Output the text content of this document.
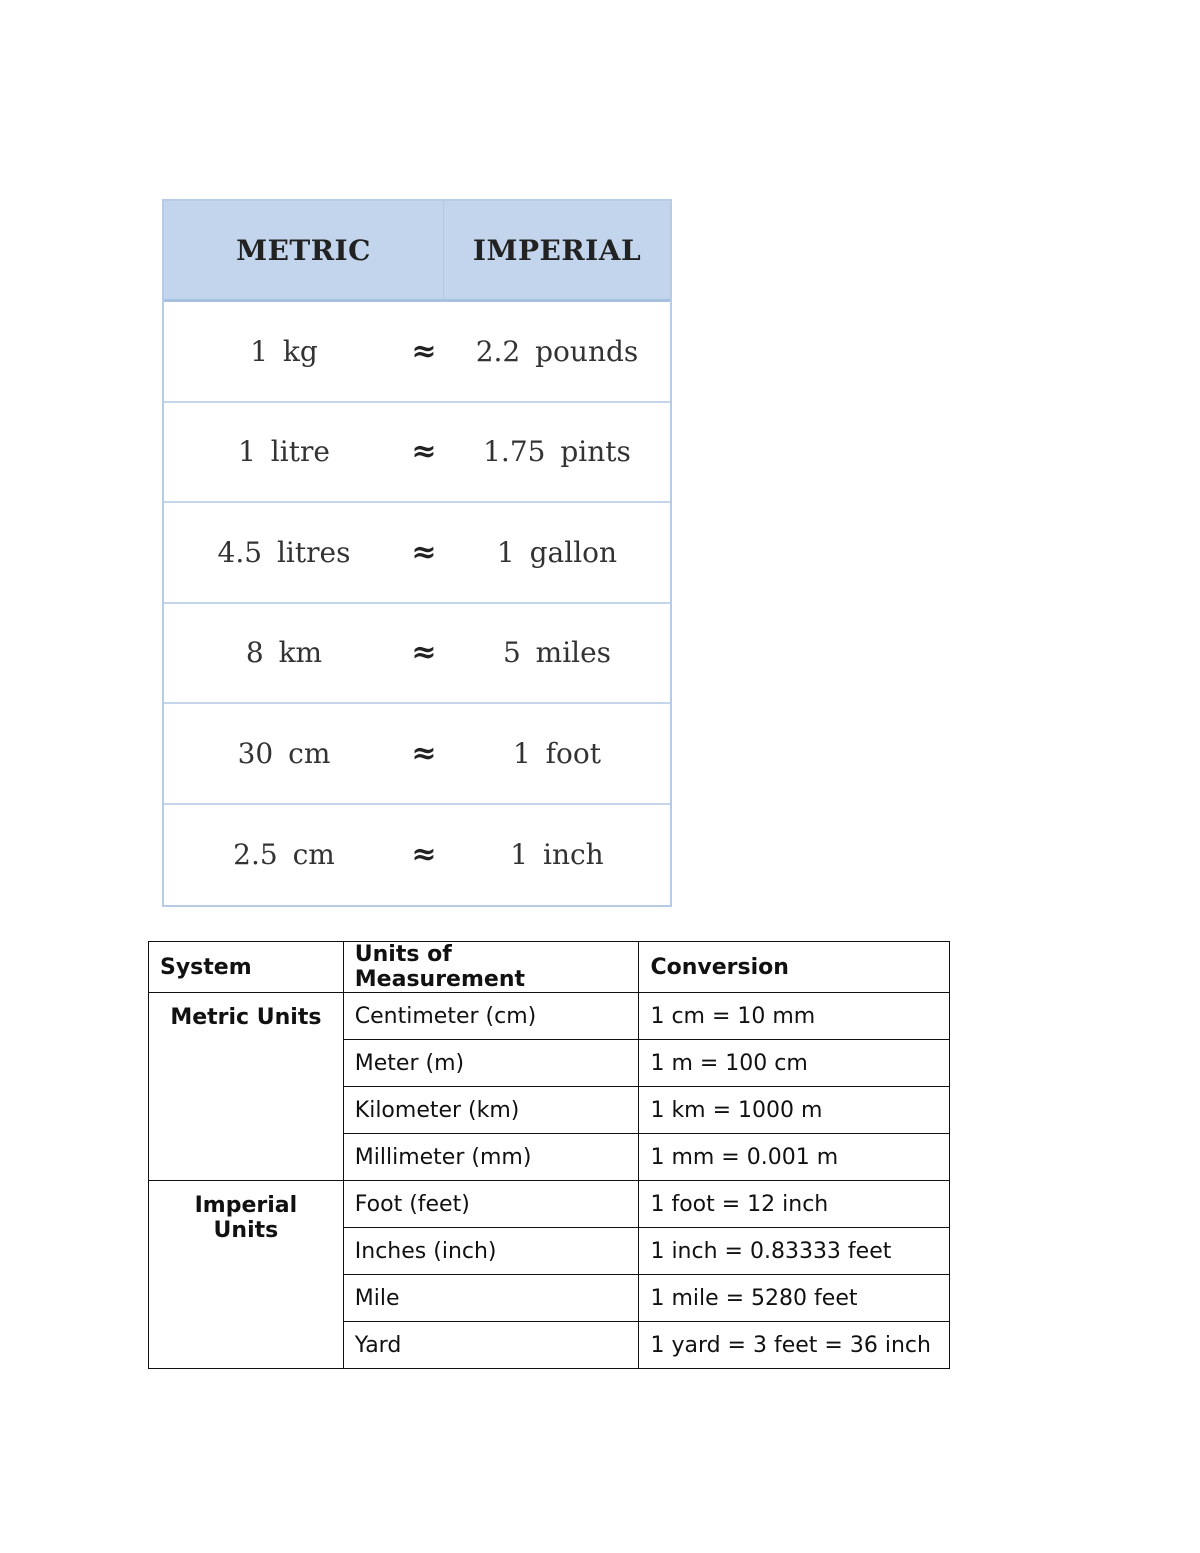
METRIC	IMPERIAL
1 kg	≈	2.2 pounds
1 litre	≈	1.75 pints
4.5 litres	≈	1 gallon
8 km	≈	5 miles
30 cm	≈	1 foot
2.5 cm	≈	1 inch
System	Units of Measurement	Conversion
Metric Units	Centimeter (cm)	1 cm = 10 mm
	Meter (m)	1 m = 100 cm
	Kilometer (km)	1 km = 1000 m
	Millimeter (mm)	1 mm = 0.001 m
Imperial Units	Foot (feet)	1 foot = 12 inch
	Inches (inch)	1 inch = 0.83333 feet
	Mile	1 mile = 5280 feet
	Yard	1 yard = 3 feet = 36 inch
